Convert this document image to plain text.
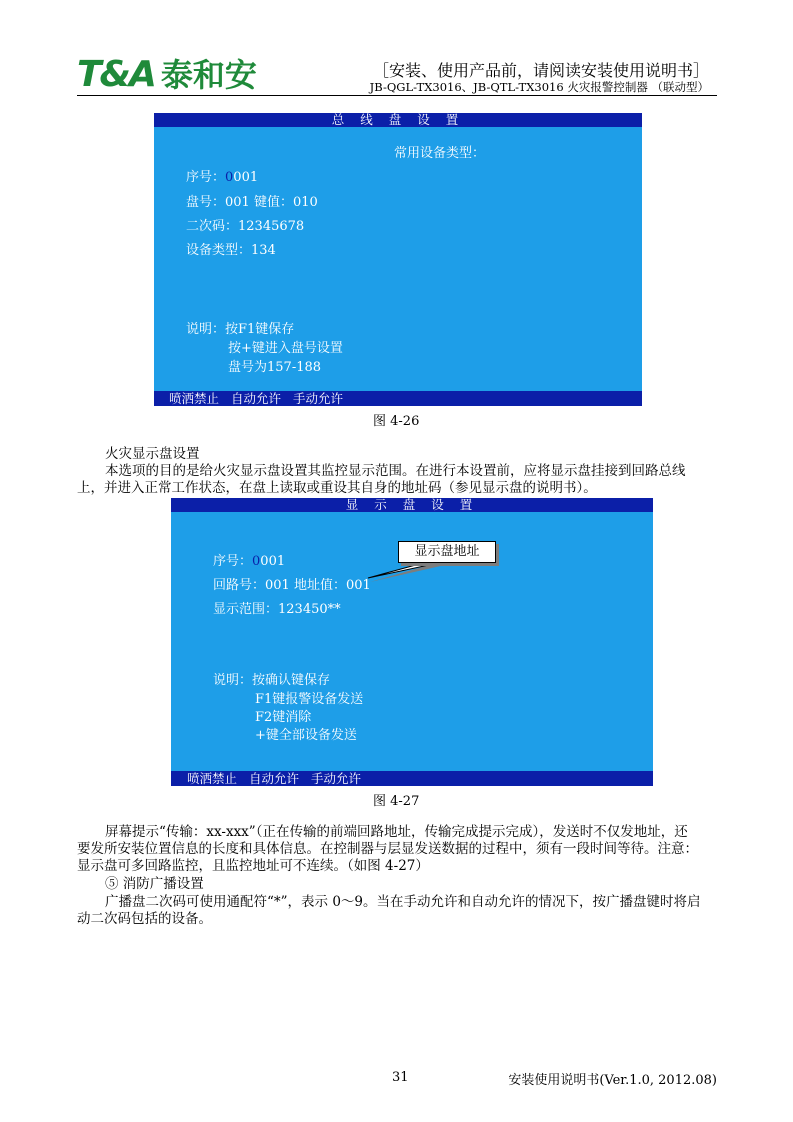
T&A 泰和安	［安装、使用产品前，请阅读安装使用说明书］
JB-QGL-TX3016、JB-QTL-TX3016 火灾报警控制器 （联动型）
总 线 盘 设 置
常用设备类型：
序号：0001
盘号：001 键值：010
二次码：12345678
设备类型：134
说明：按F1键保存
按+键进入盘号设置
盘号为157-188
喷洒禁止 自动允许 手动允许
图 4-26
火灾显示盘设置
本选项的目的是给火灾显示盘设置其监控显示范围。在进行本设置前，应将显示盘挂接到回路总线
上，并进入正常工作状态，在盘上读取或重设其自身的地址码（参见显示盘的说明书）。
显 示 盘 设 置
序号：0001
回路号：001 地址值：001
显示范围：123450**
说明：按确认键保存
F1键报警设备发送
F2键消除
+键全部设备发送
喷洒禁止 自动允许 手动允许
显示盘地址
图 4-27
屏幕提示“传输：xx-xxx”（正在传输的前端回路地址，传输完成提示完成），发送时不仅发地址，还
要发所安装位置信息的长度和具体信息。在控制器与层显发送数据的过程中，须有一段时间等待。注意：
显示盘可多回路监控，且监控地址可不连续。（如图 4-27）
⑤ 消防广播设置
广播盘二次码可使用通配符“*”，表示 0～9。当在手动允许和自动允许的情况下，按广播盘键时将启
动二次码包括的设备。
31	安装使用说明书(Ver.1.0, 2012.08)
